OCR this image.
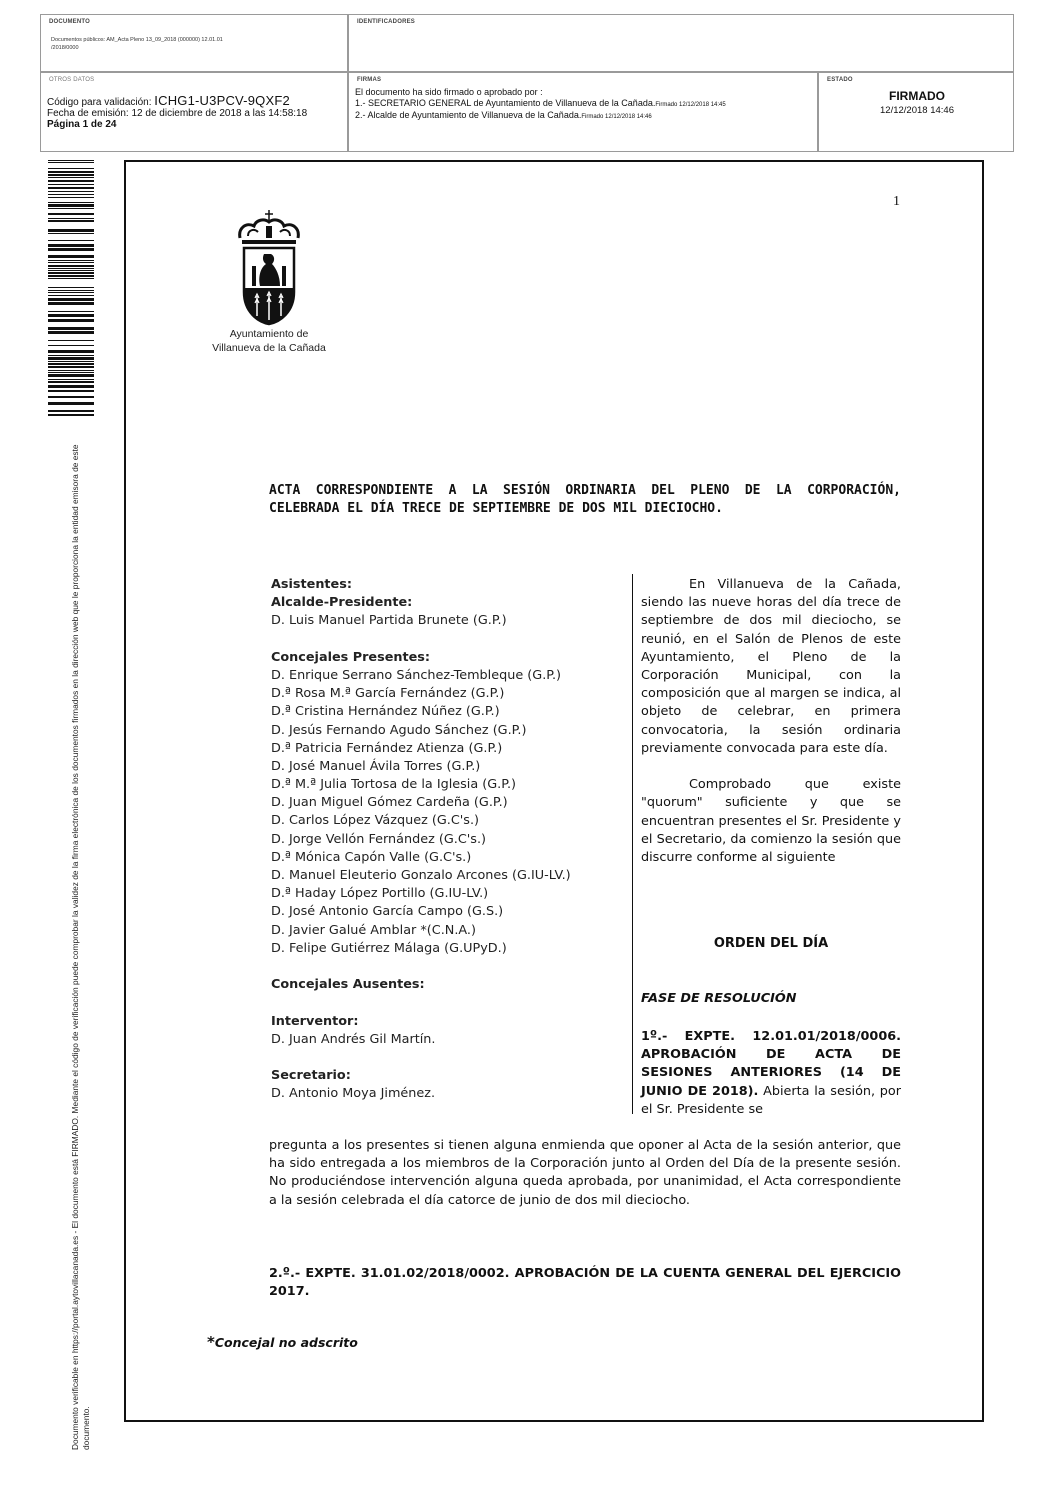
DOCUMENTO
Documentos públicos: AM_Acta Pleno 13_09_2018 (000000) 12.01.01
/2018/0000
IDENTIFICADORES
OTROS DATOS
Código para validación: ICHG1-U3PCV-9QXF2
Fecha de emisión: 12 de diciembre de 2018 a las 14:58:18
Página 1 de 24
FIRMAS
El documento ha sido firmado o aprobado por :
1.- SECRETARIO GENERAL de Ayuntamiento de Villanueva de la Cañada.Firmado 12/12/2018 14:45
2.- Alcalde de Ayuntamiento de Villanueva de la Cañada.Firmado 12/12/2018 14:46
ESTADO
FIRMADO
12/12/2018 14:46
Documento verificable en https://portal.aytovillacanada.es - El documento está FIRMADO. Mediante el código de verificación puede comprobar la validez de la firma electrónica de los documentos firmados en la dirección web que le proporciona la entidad emisora de este documento.
1
Ayuntamiento de
Villanueva de la Cañada
ACTA CORRESPONDIENTE A LA SESIÓN ORDINARIA DEL PLENO DE LA CORPORACIÓN, CELEBRADA EL DÍA TRECE DE SEPTIEMBRE DE DOS MIL DIECIOCHO.
Asistentes:
Alcalde-Presidente:
D. Luis Manuel Partida Brunete (G.P.)
Concejales Presentes:
D. Enrique Serrano Sánchez-Tembleque (G.P.)
D.ª Rosa M.ª García Fernández (G.P.)
D.ª Cristina Hernández Núñez (G.P.)
D. Jesús Fernando Agudo Sánchez (G.P.)
D.ª Patricia Fernández Atienza (G.P.)
D. José Manuel Ávila Torres (G.P.)
D.ª M.ª Julia Tortosa de la Iglesia (G.P.)
D. Juan Miguel Gómez Cardeña (G.P.)
D. Carlos López Vázquez (G.C's.)
D. Jorge Vellón Fernández (G.C's.)
D.ª Mónica Capón Valle (G.C's.)
D. Manuel Eleuterio Gonzalo Arcones (G.IU-LV.)
D.ª Haday López Portillo (G.IU-LV.)
D. José Antonio García Campo (G.S.)
D. Javier Galué Amblar *(C.N.A.)
D. Felipe Gutiérrez Málaga (G.UPyD.)
Concejales Ausentes:
Interventor:
D. Juan Andrés Gil Martín.
Secretario:
D. Antonio Moya Jiménez.

En Villanueva de la Cañada, siendo las nueve horas del día trece de septiembre de dos mil dieciocho, se reunió, en el Salón de Plenos de este Ayuntamiento, el Pleno de la Corporación Municipal, con la composición que al margen se indica, al objeto de celebrar, en primera convocatoria, la sesión ordinaria previamente convocada para este día.

Comprobado que existe "quorum" suficiente y que se encuentran presentes el Sr. Presidente y el Secretario, da comienzo la sesión que discurre conforme al siguiente

ORDEN DEL DÍA
FASE DE RESOLUCIÓN
1º.- EXPTE. 12.01.01/2018/0006. APROBACIÓN DE ACTA DE SESIONES ANTERIORES (14 DE JUNIO DE 2018). Abierta la sesión, por el Sr. Presidente se
pregunta a los presentes si tienen alguna enmienda que oponer al Acta de la sesión anterior, que ha sido entregada a los miembros de la Corporación junto al Orden del Día de la presente sesión. No produciéndose intervención alguna queda aprobada, por unanimidad, el Acta correspondiente a la sesión celebrada el día catorce de junio de dos mil dieciocho.
2.º.- EXPTE. 31.01.02/2018/0002. APROBACIÓN DE LA CUENTA GENERAL DEL EJERCICIO 2017.
*Concejal no adscrito
